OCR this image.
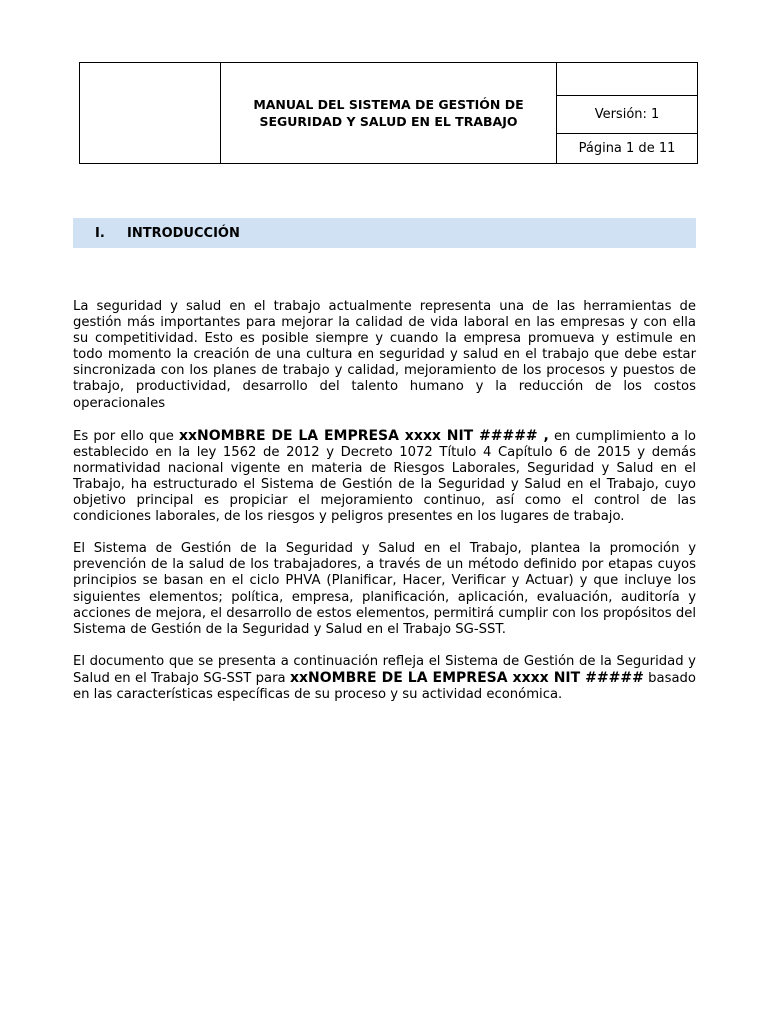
MANUAL DEL SISTEMA DE GESTIÓN DE
SEGURIDAD Y SALUD EN EL TRABAJO	Versión: 1
Página 1 de 11
I.	INTRODUCCIÓN

La seguridad y salud en el trabajo actualmente representa una de las herramientas de gestión más importantes para mejorar la calidad de vida laboral en las empresas y con ella su competitividad. Esto es posible siempre y cuando la empresa promueva y estimule en todo momento la creación de una cultura en seguridad y salud en el trabajo que debe estar sincronizada con los planes de trabajo y calidad, mejoramiento de los procesos y puestos de trabajo, productividad, desarrollo del talento humano y la reducción de los costos operacionales

Es por ello que xxNOMBRE DE LA EMPRESA xxxx NIT ##### , en cumplimiento a lo establecido en la ley 1562 de 2012 y Decreto 1072 Título 4 Capítulo 6 de 2015 y demás normatividad nacional vigente en materia de Riesgos Laborales, Seguridad y Salud en el Trabajo, ha estructurado el Sistema de Gestión de la Seguridad y Salud en el Trabajo, cuyo objetivo principal es propiciar el mejoramiento continuo, así como el control de las condiciones laborales, de los riesgos y peligros presentes en los lugares de trabajo.

El Sistema de Gestión de la Seguridad y Salud en el Trabajo, plantea la promoción y prevención de la salud de los trabajadores, a través de un método definido por etapas cuyos principios se basan en el ciclo PHVA (Planificar, Hacer, Verificar y Actuar) y que incluye los siguientes elementos; política, empresa, planificación, aplicación, evaluación, auditoría y acciones de mejora, el desarrollo de estos elementos, permitirá cumplir con los propósitos del Sistema de Gestión de la Seguridad y Salud en el Trabajo SG-SST.

El documento que se presenta a continuación refleja el Sistema de Gestión de la Seguridad y Salud en el Trabajo SG-SST para xxNOMBRE DE LA EMPRESA xxxx NIT ##### basado en las características específicas de su proceso y su actividad económica.
